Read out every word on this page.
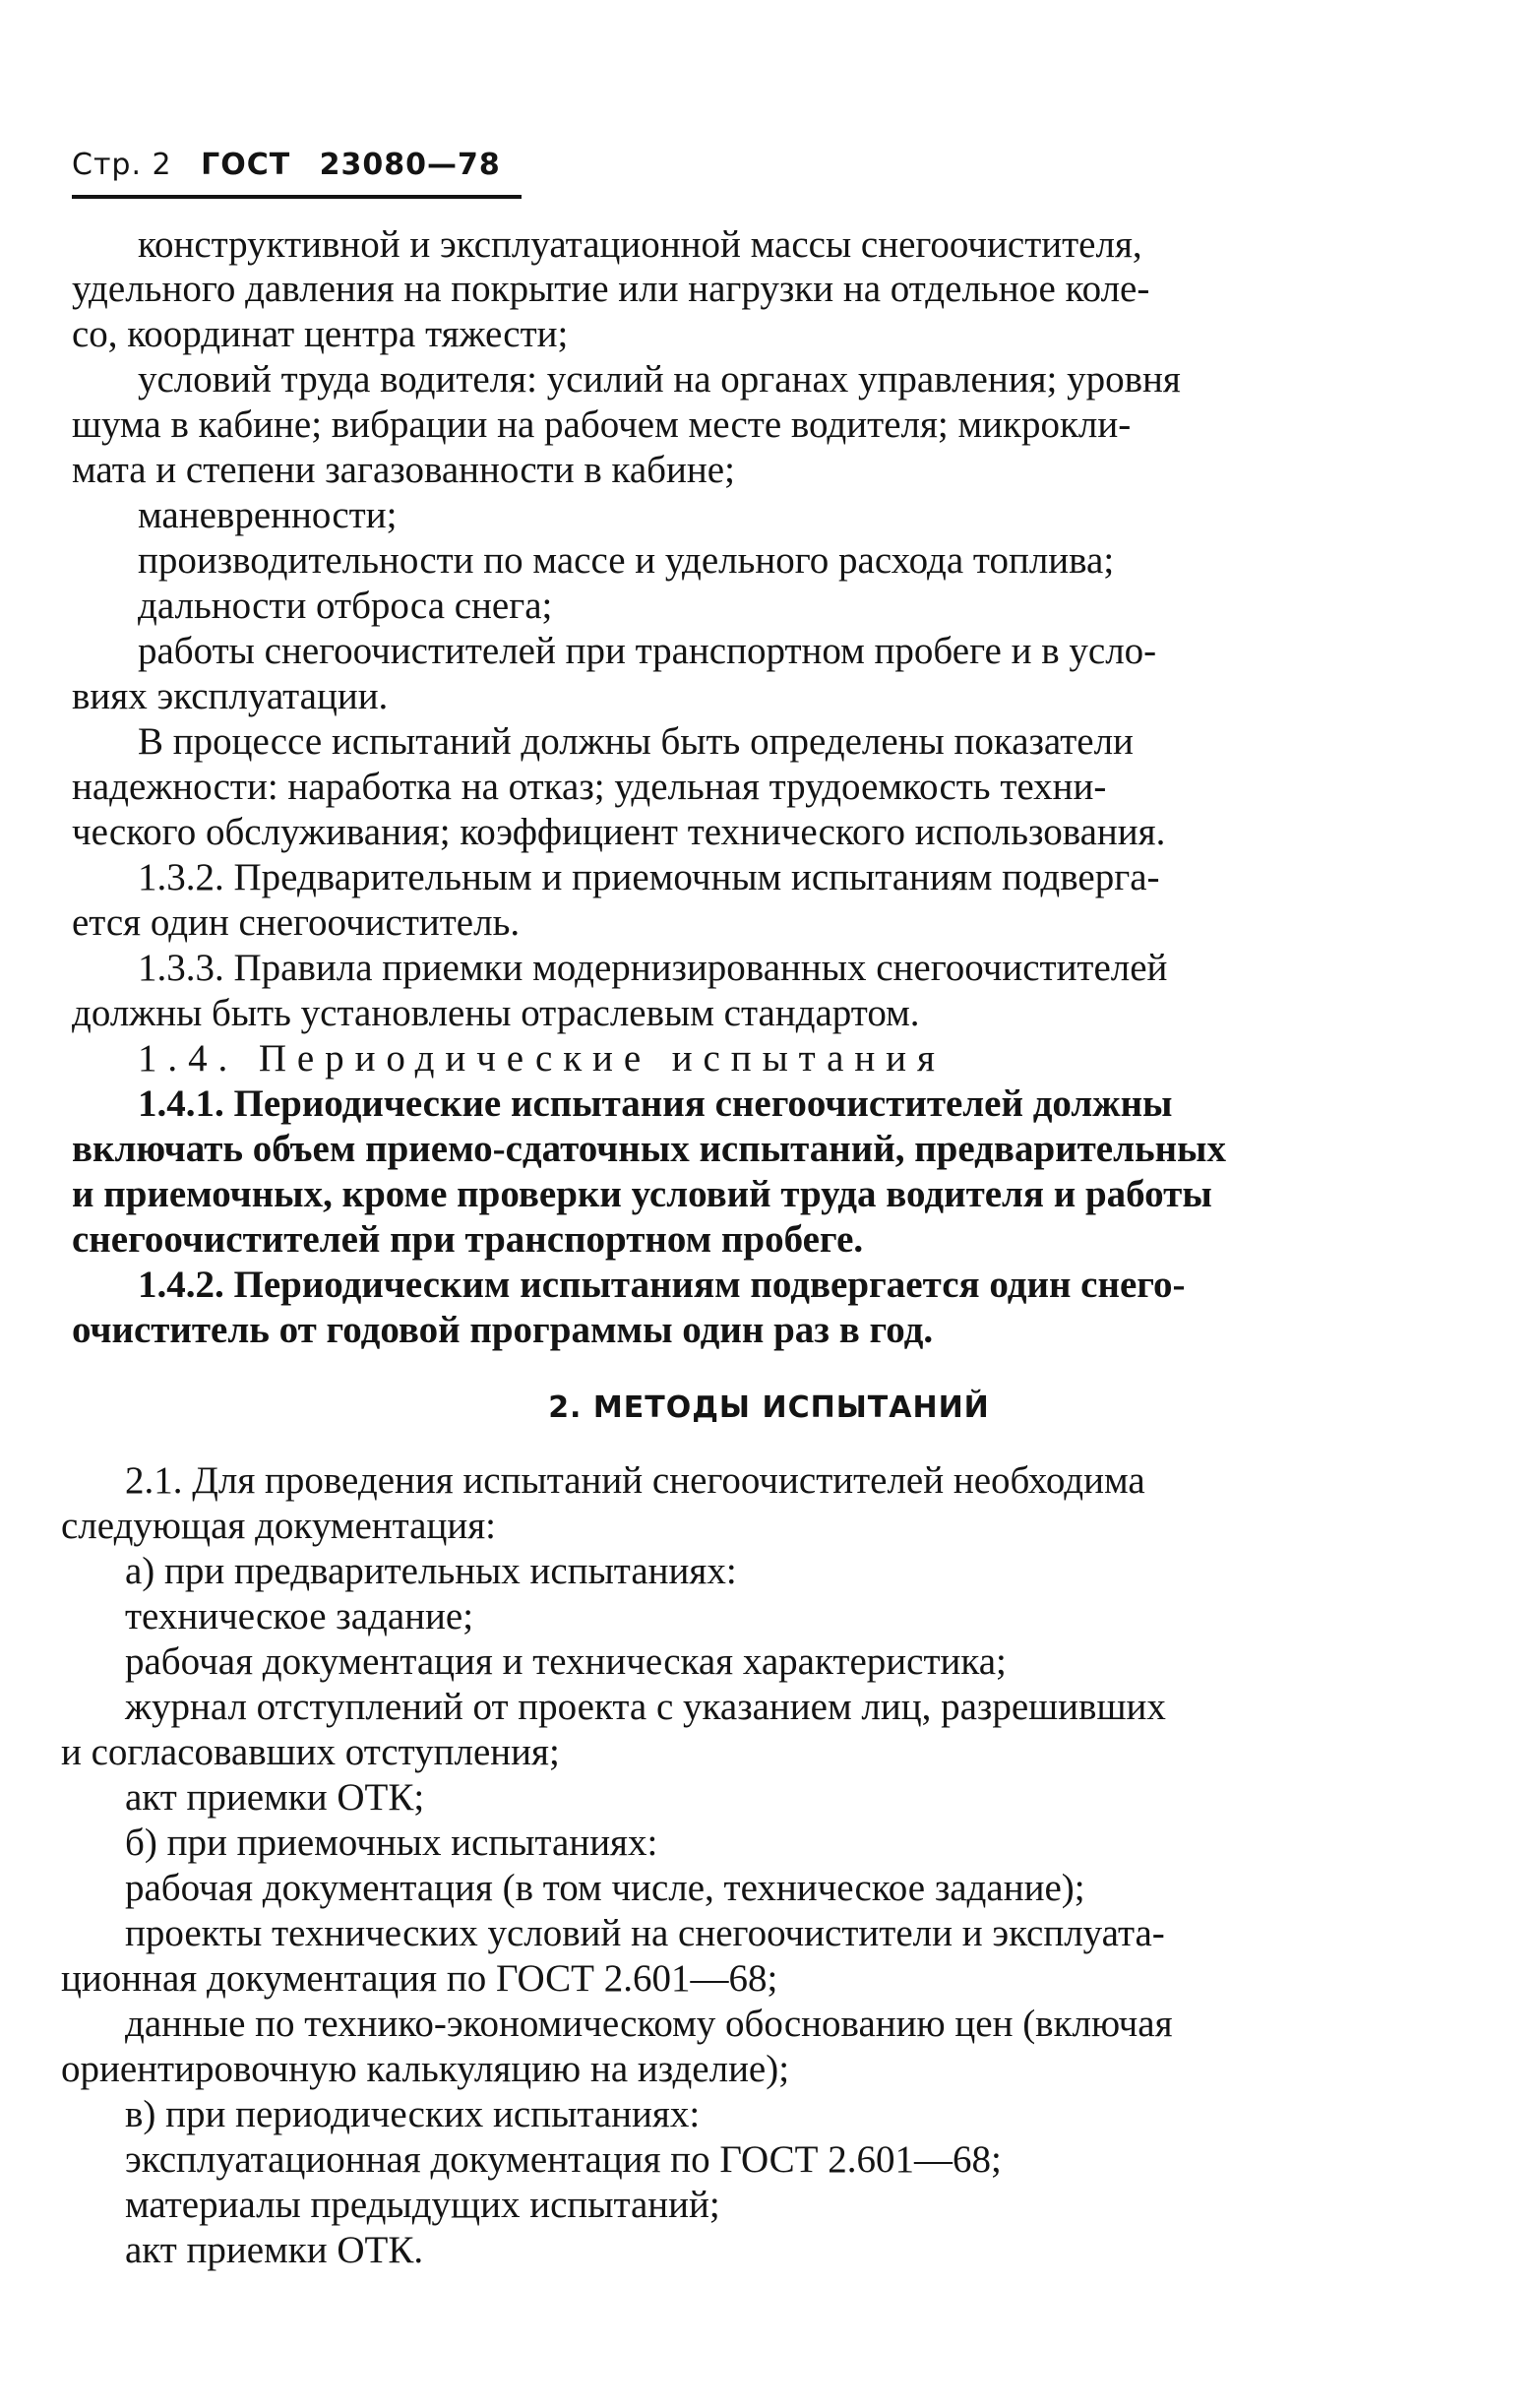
Стр. 2 ГОСТ 23080—78
конструктивной и эксплуатационной массы снегоочистителя,
удельного давления на покрытие или нагрузки на отдельное коле-
со, координат центра тяжести;
условий труда водителя: усилий на органах управления; уровня
шума в кабине; вибрации на рабочем месте водителя; микрокли-
мата и степени загазованности в кабине;
маневренности;
производительности по массе и удельного расхода топлива;
дальности отброса снега;
работы снегоочистителей при транспортном пробеге и в усло-
виях эксплуатации.
В процессе испытаний должны быть определены показатели
надежности: наработка на отказ; удельная трудоемкость техни-
ческого обслуживания; коэффициент технического использования.
1.3.2. Предварительным и приемочным испытаниям подверга-
ется один снегоочиститель.
1.3.3. Правила приемки модернизированных снегоочистителей
должны быть установлены отраслевым стандартом.
1.4. Периодические испытания
1.4.1. Периодические испытания снегоочистителей должны
включать объем приемо-сдаточных испытаний, предварительных
и приемочных, кроме проверки условий труда водителя и работы
снегоочистителей при транспортном пробеге.
1.4.2. Периодическим испытаниям подвергается один снего-
очиститель от годовой программы один раз в год.
2. МЕТОДЫ ИСПЫТАНИЙ
2.1. Для проведения испытаний снегоочистителей необходима
следующая документация:
а) при предварительных испытаниях:
техническое задание;
рабочая документация и техническая характеристика;
журнал отступлений от проекта с указанием лиц, разрешивших
и согласовавших отступления;
акт приемки ОТК;
б) при приемочных испытаниях:
рабочая документация (в том числе, техническое задание);
проекты технических условий на снегоочистители и эксплуата-
ционная документация по ГОСТ 2.601—68;
данные по технико-экономическому обоснованию цен (включая
ориентировочную калькуляцию на изделие);
в) при периодических испытаниях:
эксплуатационная документация по ГОСТ 2.601—68;
материалы предыдущих испытаний;
акт приемки ОТК.
